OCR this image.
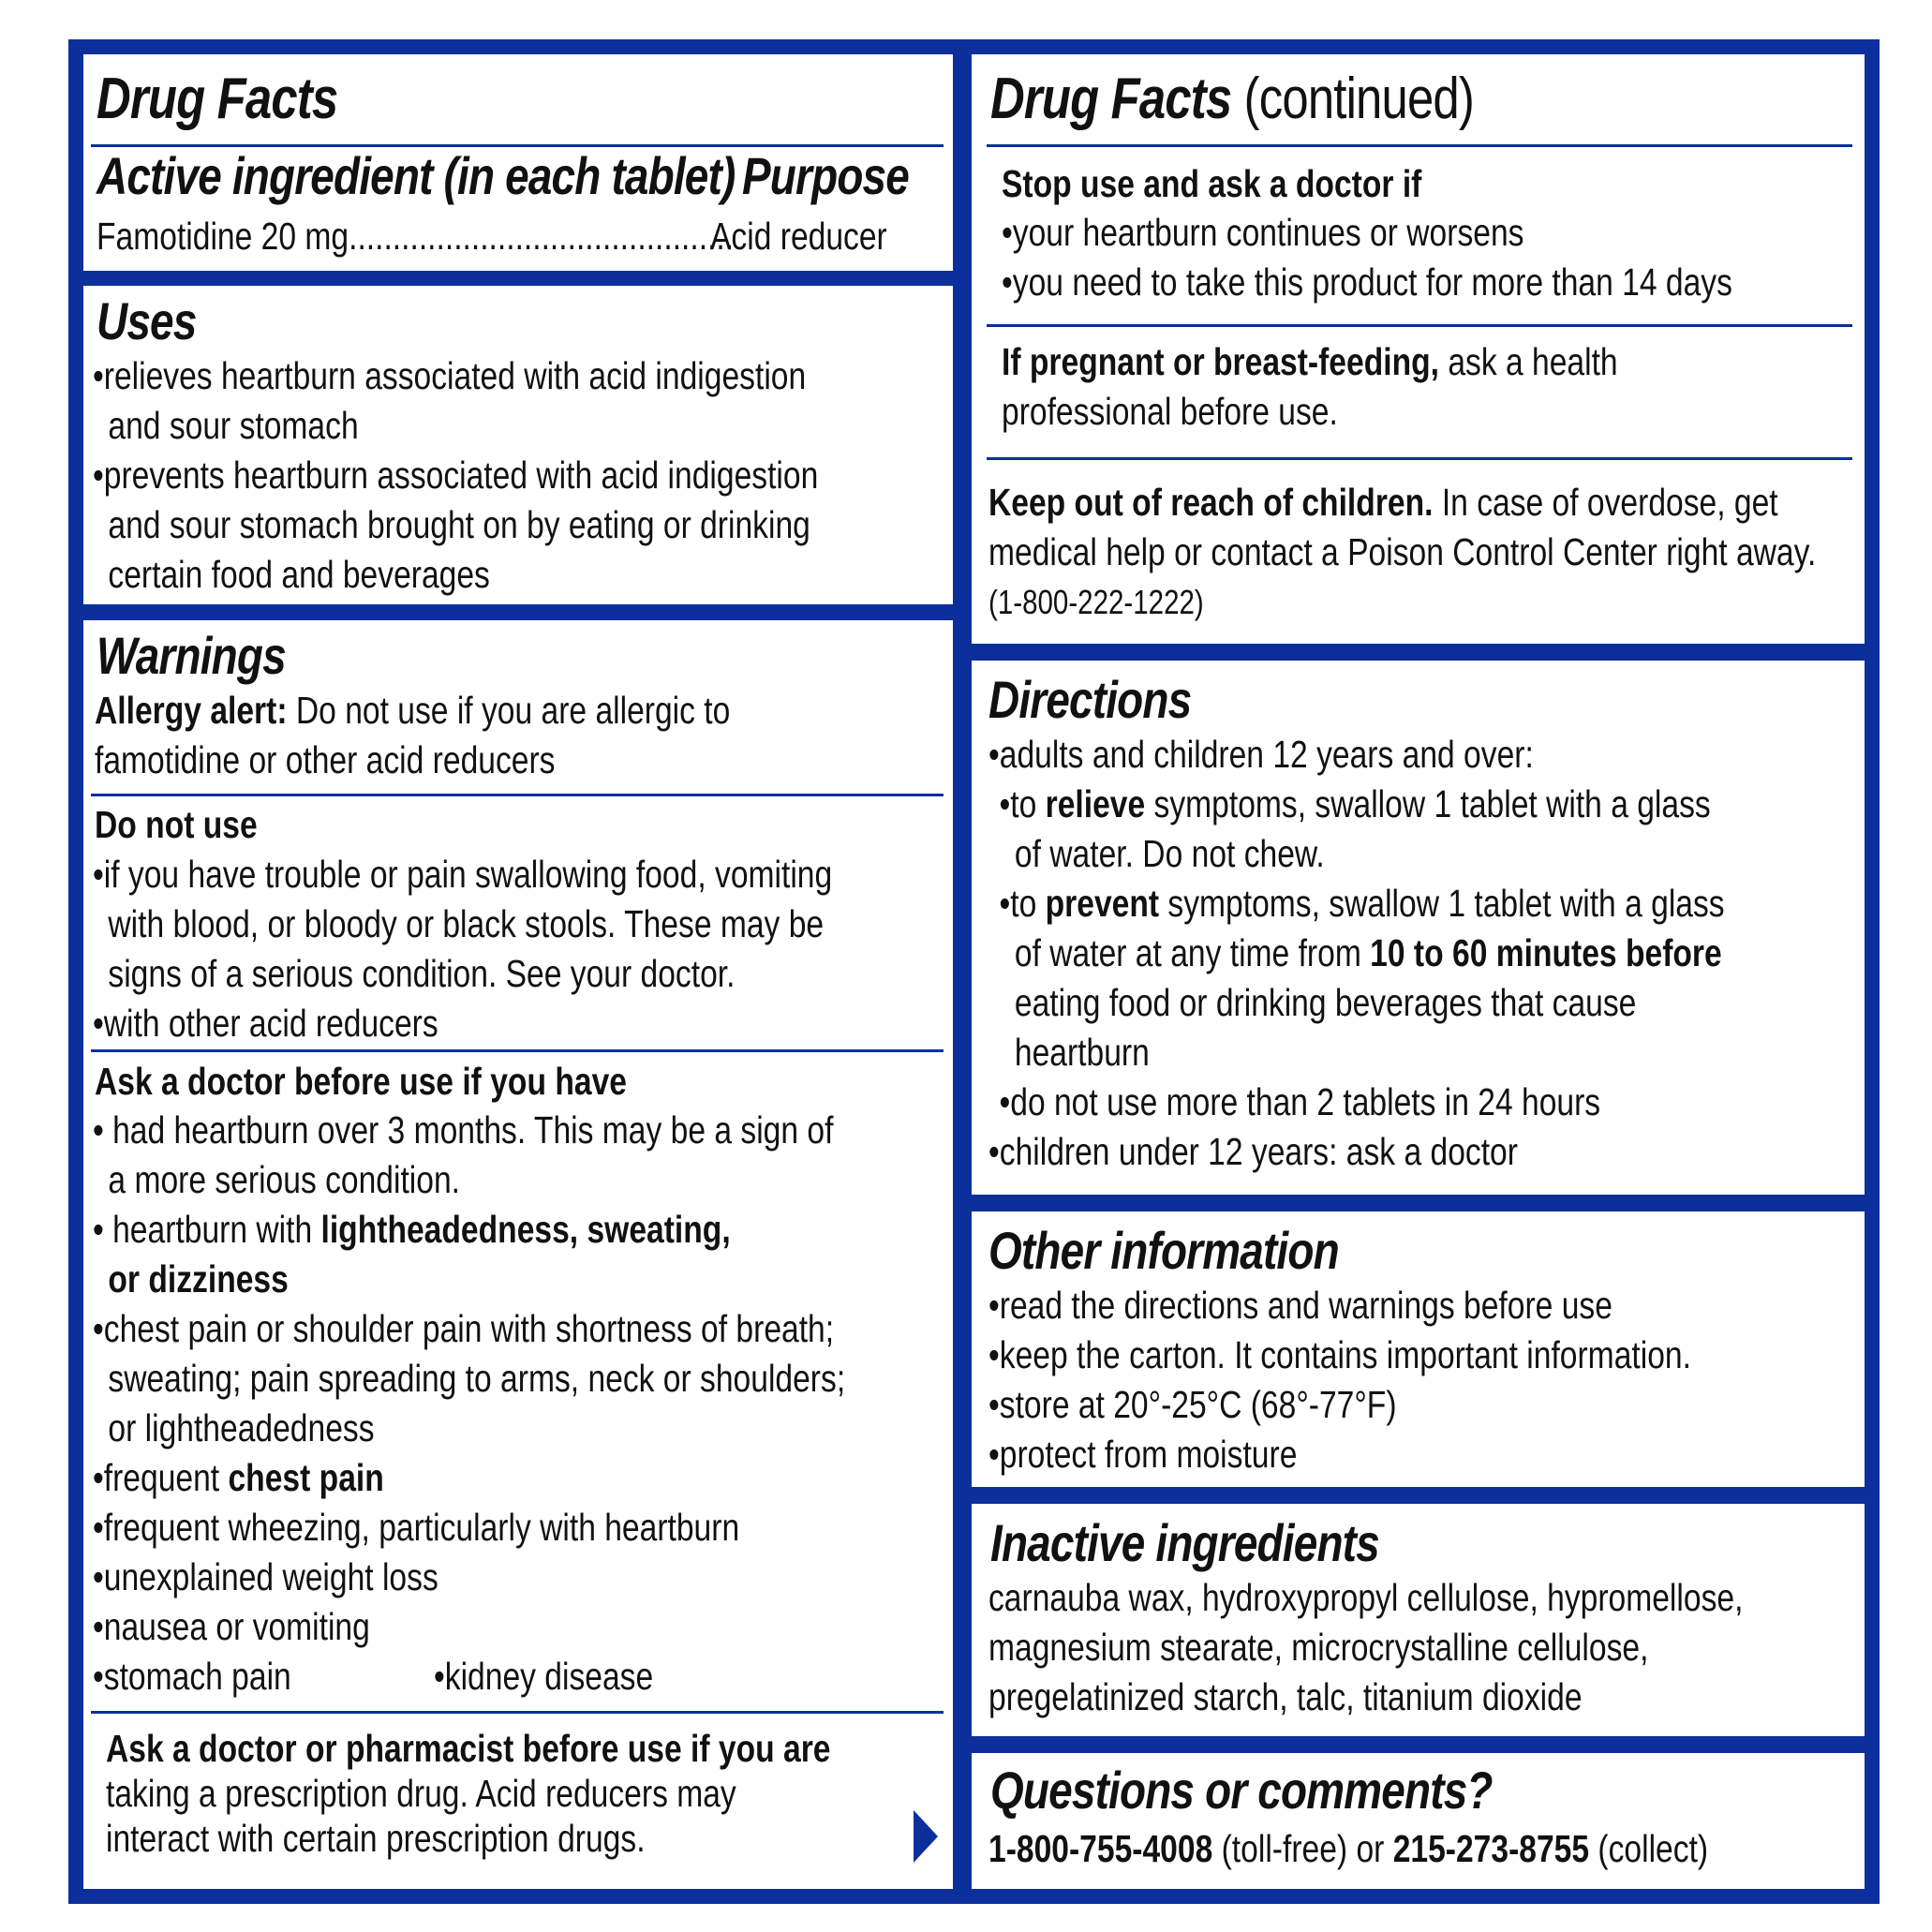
Drug Facts
Active ingredient (in each tablet) Purpose
Famotidine 20 mg............................................
Acid reducer
Uses
•relieves heartburn associated with acid indigestion
and sour stomach
•prevents heartburn associated with acid indigestion
and sour stomach brought on by eating or drinking
certain food and beverages
Warnings
Allergy alert: Do not use if you are allergic to
famotidine or other acid reducers
Do not use
•if you have trouble or pain swallowing food, vomiting
with blood, or bloody or black stools. These may be
signs of a serious condition. See your doctor.
•with other acid reducers
Ask a doctor before use if you have
• had heartburn over 3 months. This may be a sign of
a more serious condition.
• heartburn with lightheadedness, sweating,
or dizziness
•chest pain or shoulder pain with shortness of breath;
sweating; pain spreading to arms, neck or shoulders;
or lightheadedness
•frequent chest pain
•frequent wheezing, particularly with heartburn
•unexplained weight loss
•nausea or vomiting
•stomach pain	•kidney disease
Ask a doctor or pharmacist before use if you are
taking a prescription drug. Acid reducers may
interact with certain prescription drugs.
Drug Facts (continued)
Stop use and ask a doctor if
•your heartburn continues or worsens
•you need to take this product for more than 14 days
If pregnant or breast-feeding, ask a health
professional before use.
Keep out of reach of children. In case of overdose, get
medical help or contact a Poison Control Center right away.
(1-800-222-1222)
Directions
•adults and children 12 years and over:
•to relieve symptoms, swallow 1 tablet with a glass
of water. Do not chew.
•to prevent symptoms, swallow 1 tablet with a glass
of water at any time from 10 to 60 minutes before
eating food or drinking beverages that cause
heartburn
•do not use more than 2 tablets in 24 hours
•children under 12 years: ask a doctor
Other information
•read the directions and warnings before use
•keep the carton. It contains important information.
•store at 20°-25°C (68°-77°F)
•protect from moisture
Inactive ingredients
carnauba wax, hydroxypropyl cellulose, hypromellose,
magnesium stearate, microcrystalline cellulose,
pregelatinized starch, talc, titanium dioxide
Questions or comments?
1-800-755-4008 (toll-free) or 215-273-8755 (collect)
